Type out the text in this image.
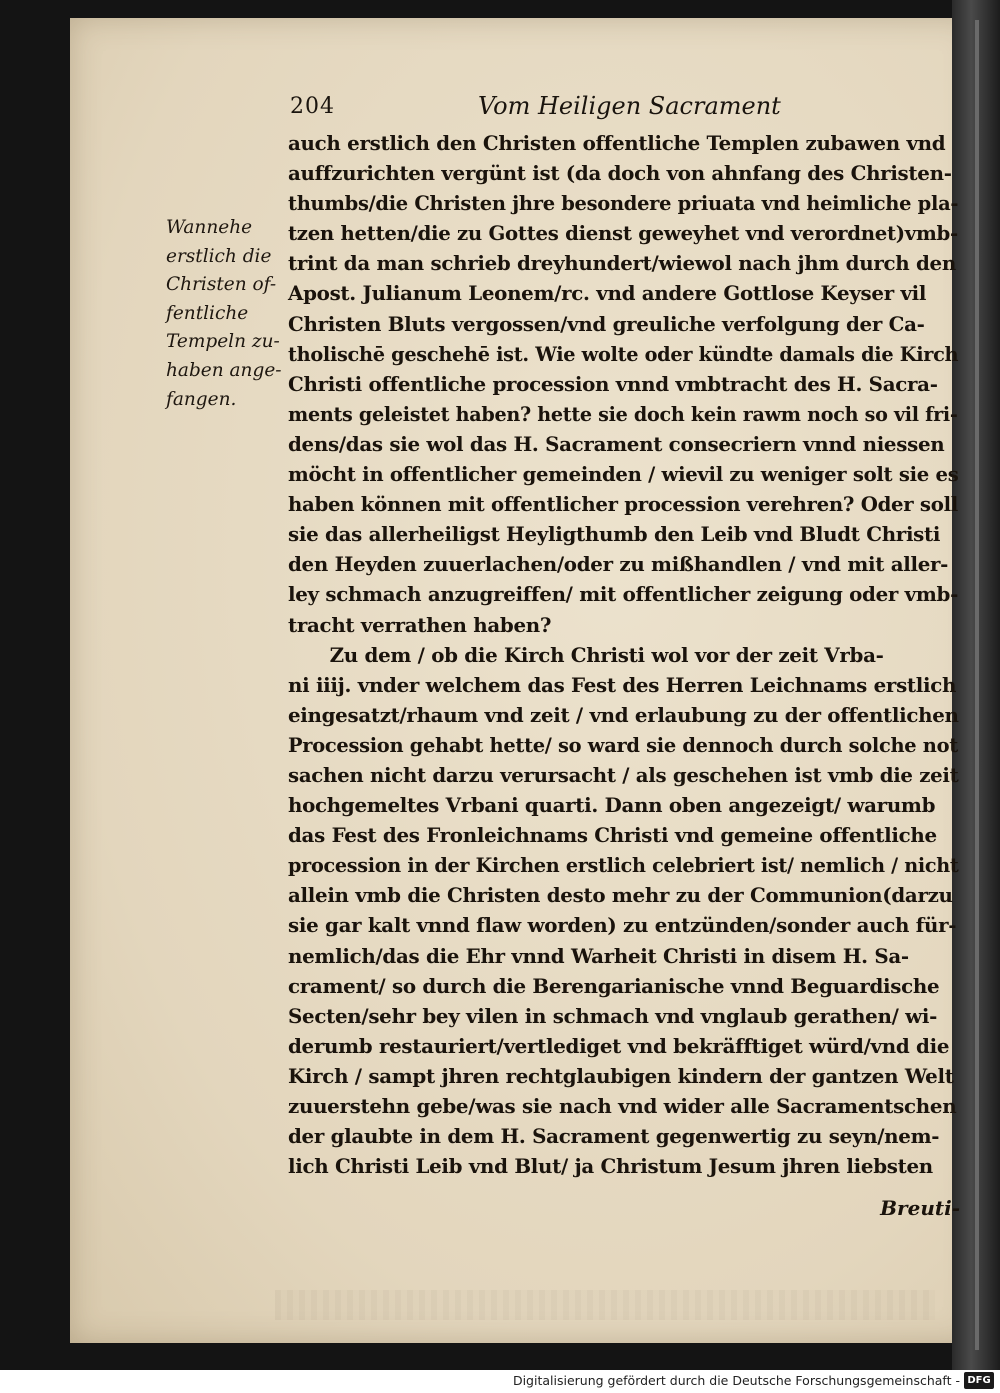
204	Vom Heiligen Sacrament
Wannehe
erstlich die
Christen of-
fentliche
Tempeln zu-
haben ange-
fangen.
auch erstlich den Christen offentliche Templen zubawen vnd
auffzurichten vergünt ist (da doch von ahnfang des Christen-
thumbs/die Christen jhre besondere priuata vnd heimliche pla-
tzen hetten/die zu Gottes dienst geweyhet vnd verordnet)vmb-
trint da man schrieb dreyhundert/wiewol nach jhm durch den
Apost. Julianum Leonem/rc. vnd andere Gottlose Keyser vil
Christen Bluts vergossen/vnd greuliche verfolgung der Ca-
tholischē geschehē ist. Wie wolte oder kündte damals die Kirch
Christi offentliche procession vnnd vmbtracht des H. Sacra-
ments geleistet haben? hette sie doch kein rawm noch so vil fri-
dens/das sie wol das H. Sacrament consecriern vnnd niessen
möcht in offentlicher gemeinden / wievil zu weniger solt sie es
haben können mit offentlicher procession verehren? Oder soll
sie das allerheiligst Heyligthumb den Leib vnd Bludt Christi
den Heyden zuuerlachen/oder zu mißhandlen / vnd mit aller-
ley schmach anzugreiffen/ mit offentlicher zeigung oder vmb-
tracht verrathen haben?
Zu dem / ob die Kirch Christi wol vor der zeit Vrba-
ni iiij. vnder welchem das Fest des Herren Leichnams erstlich
eingesatzt/rhaum vnd zeit / vnd erlaubung zu der offentlichen
Procession gehabt hette/ so ward sie dennoch durch solche not
sachen nicht darzu verursacht / als geschehen ist vmb die zeit
hochgemeltes Vrbani quarti. Dann oben angezeigt/ warumb
das Fest des Fronleichnams Christi vnd gemeine offentliche
procession in der Kirchen erstlich celebriert ist/ nemlich / nicht
allein vmb die Christen desto mehr zu der Communion(darzu
sie gar kalt vnnd flaw worden) zu entzünden/sonder auch für-
nemlich/das die Ehr vnnd Warheit Christi in disem H. Sa-
crament/ so durch die Berengarianische vnnd Beguardische
Secten/sehr bey vilen in schmach vnd vnglaub gerathen/ wi-
derumb restauriert/vertlediget vnd bekräfftiget würd/vnd die
Kirch / sampt jhren rechtglaubigen kindern der gantzen Welt
zuuerstehn gebe/was sie nach vnd wider alle Sacramentschen
der glaubte in dem H. Sacrament gegenwertig zu seyn/nem-
lich Christi Leib vnd Blut/ ja Christum Jesum jhren liebsten
Breuti-
Digitalisierung gefördert durch die Deutsche Forschungsgemeinschaft - DFG
